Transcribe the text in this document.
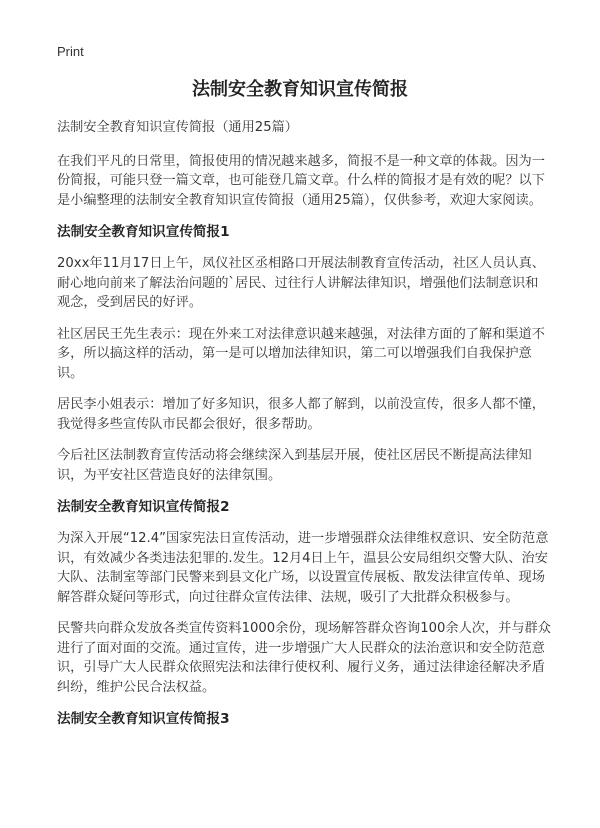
Print
法制安全教育知识宣传简报

法制安全教育知识宣传简报（通用25篇）

在我们平凡的日常里，简报使用的情况越来越多，简报不是一种文章的体裁。因为一份简报，可能只登一篇文章，也可能登几篇文章。什么样的简报才是有效的呢？以下是小编整理的法制安全教育知识宣传简报（通用25篇），仅供参考，欢迎大家阅读。

法制安全教育知识宣传简报1

20xx年11月17日上午，凤仪社区丞相路口开展法制教育宣传活动，社区人员认真、耐心地向前来了解法治问题的`居民、过往行人讲解法律知识，增强他们法制意识和观念，受到居民的好评。

社区居民王先生表示：现在外来工对法律意识越来越强，对法律方面的了解和渠道不多，所以搞这样的活动，第一是可以增加法律知识，第二可以增强我们自我保护意识。

居民李小姐表示：增加了好多知识，很多人都了解到，以前没宣传，很多人都不懂，我觉得多些宣传队市民都会很好，很多帮助。

今后社区法制教育宣传活动将会继续深入到基层开展，使社区居民不断提高法律知识，为平安社区营造良好的法律氛围。

法制安全教育知识宣传简报2

为深入开展“12.4”国家宪法日宣传活动，进一步增强群众法律维权意识、安全防范意识，有效减少各类违法犯罪的.发生。12月4日上午，温县公安局组织交警大队、治安大队、法制室等部门民警来到县文化广场，以设置宣传展板、散发法律宣传单、现场解答群众疑问等形式，向过往群众宣传法律、法规，吸引了大批群众积极参与。

民警共向群众发放各类宣传资料1000余份，现场解答群众咨询100余人次，并与群众进行了面对面的交流。通过宣传，进一步增强广大人民群众的法治意识和安全防范意识，引导广大人民群众依照宪法和法律行使权利、履行义务，通过法律途径解决矛盾纠纷，维护公民合法权益。

法制安全教育知识宣传简报3
